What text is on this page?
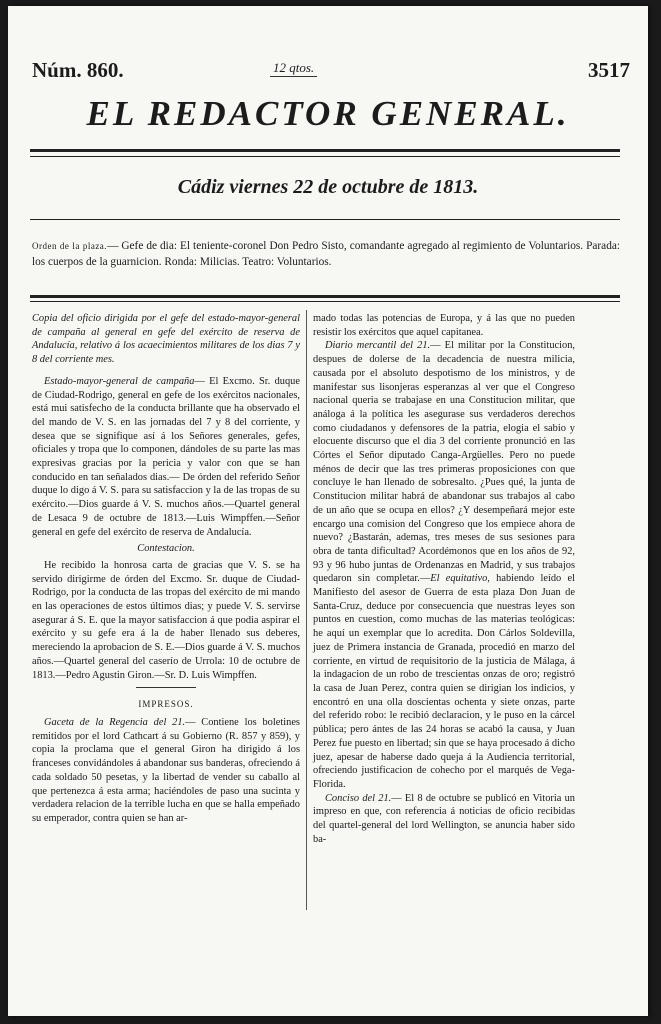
Núm. 860.	12 qtos.	3517
EL REDACTOR GENERAL.
Cádiz viernes 22 de octubre de 1813.
Orden de la plaza.— Gefe de dia: El teniente-coronel Don Pedro Sisto, comandante agregado al regimiento de Voluntarios. Parada: los cuerpos de la guarnicion. Ronda: Milicias. Teatro: Voluntarios.

Copia del oficio dirigida por el gefe del estado-mayor-general de campaña al general en gefe del exército de reserva de Andalucía, relativo á los acaecimientos militares de los dias 7 y 8 del corriente mes.

Estado-mayor-general de campaña— El Excmo. Sr. duque de Ciudad-Rodrigo, general en gefe de los exércitos nacionales, está mui satisfecho de la conducta brillante que ha observado el del mando de V. S. en las jornadas del 7 y 8 del corriente, y desea que se signifique así á los Señores generales, gefes, oficiales y tropa que lo componen, dándoles de su parte las mas expresivas gracias por la pericia y valor con que se han conducido en tan señalados dias.— De órden del referido Señor duque lo digo á V. S. para su satisfaccion y la de las tropas de su exército.—Dios guarde á V. S. muchos años.—Quartel general de Lesaca 9 de octubre de 1813.—Luis Wimpffen.—Señor general en gefe del exército de reserva de Andalucía.

Contestacion.

He recibido la honrosa carta de gracias que V. S. se ha servido dirigirme de órden del Excmo. Sr. duque de Ciudad-Rodrigo, por la conducta de las tropas del exército de mi mando en las operaciones de estos últimos dias; y puede V. S. servirse asegurar á S. E. que la mayor satisfaccion á que podia aspirar el exército y su gefe era á la de haber llenado sus deberes, mereciendo la aprobacion de S. E.—Dios guarde á V. S. muchos años.—Quartel general del caserío de Urrola: 10 de octubre de 1813.—Pedro Agustin Giron.—Sr. D. Luis Wimpffen.

IMPRESOS.

Gaceta de la Regencia del 21.— Contiene los boletines remitidos por el lord Cathcart á su Gobierno (R. 857 y 859), y copia la proclama que el general Giron ha dirigido á los franceses convidándoles á abandonar sus banderas, ofreciendo á cada soldado 50 pesetas, y la libertad de vender su caballo al que pertenezca á esta arma; haciéndoles de paso una sucinta y verdadera relacion de la terrible lucha en que se halla empeñado su emperador, contra quien se han ar-

mado todas las potencias de Europa, y á las que no pueden resistir los exércitos que aquel capitanea.

Diario mercantil del 21.— El militar por la Constitucion, despues de dolerse de la decadencia de nuestra milicia, causada por el absoluto despotismo de los ministros, y de manifestar sus lisonjeras esperanzas al ver que el Congreso nacional queria se trabajase en una Constitucion militar, que análoga á la política les asegurase sus verdaderos derechos como ciudadanos y defensores de la patria, elogia el sabio y elocuente discurso que el dia 3 del corriente pronunció en las Córtes el Señor diputado Canga-Argüelles. Pero no puede ménos de decir que las tres primeras proposiciones con que concluye le han llenado de sobresalto. ¿Pues qué, la junta de Constitucion militar habrá de abandonar sus trabajos al cabo de un año que se ocupa en ellos? ¿Y desempeñará mejor este encargo una comision del Congreso que los empiece ahora de nuevo? ¿Bastarán, ademas, tres meses de sus sesiones para obra de tanta dificultad? Acordémonos que en los años de 92, 93 y 96 hubo juntas de Ordenanzas en Madrid, y sus trabajos quedaron sin completar.—El equitativo, habiendo leído el Manifiesto del asesor de Guerra de esta plaza Don Juan de Santa-Cruz, deduce por consecuencia que nuestras leyes son puntos en cuestion, como muchas de las materias teológicas: he aquí un exemplar que lo acredita. Don Cárlos Soldevilla, juez de Primera instancia de Granada, procedió en marzo del corriente, en virtud de requisitorio de la justicia de Málaga, á la indagacion de un robo de trescientas onzas de oro; registró la casa de Juan Perez, contra quien se dirigian los indicios, y encontró en una olla doscientas ochenta y siete onzas, parte del referido robo: le recibió declaracion, y le puso en la cárcel pública; pero ántes de las 24 horas se acabó la causa, y Juan Perez fue puesto en libertad; sin que se haya procesado á dicho juez, apesar de haberse dado queja á la Audiencia territorial, ofreciendo justificacion de cohecho por el marqués de Vega-Florida.

Conciso del 21.— El 8 de octubre se publicó en Vitoria un impreso en que, con referencia á noticias de oficio recibidas del quartel-general del lord Wellington, se anuncia haber sido ba-
